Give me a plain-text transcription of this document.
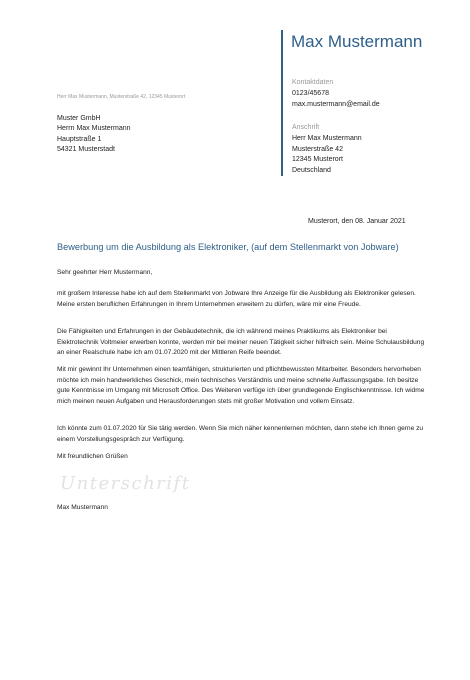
Max Mustermann
Kontaktdaten
0123/45678
max.mustermann@email.de
Anschrift
Herr Max Mustermann
Musterstraße 42
12345 Musterort
Deutschland
Herr Max Mustermann, Musterstraße 42, 12345 Musterort
Muster GmbH
Herrn Max Mustermann
Hauptstraße 1
54321 Musterstadt
Musterort, den 08. Januar 2021
Bewerbung um die Ausbildung als Elektroniker, (auf dem Stellenmarkt von Jobware)

Sehr geehrter Herr Mustermann,

mit großem Interesse habe ich auf dem Stellenmarkt von Jobware Ihre Anzeige für die Ausbildung als Elektroniker gelesen. Meine ersten beruflichen Erfahrungen in Ihrem Unternehmen erweitern zu dürfen, wäre mir eine Freude.

Die Fähigkeiten und Erfahrungen in der Gebäudetechnik, die ich während meines Praktikums als Elektroniker bei Elektrotechnik Voltmeier erwerben konnte, werden mir bei meiner neuen Tätigkeit sicher hilfreich sein. Meine Schulausbildung an einer Realschule habe ich am 01.07.2020 mit der Mittleren Reife beendet.

Mit mir gewinnt Ihr Unternehmen einen teamfähigen, strukturierten und pflichtbewussten Mitarbeiter. Besonders hervorheben möchte ich mein handwerkliches Geschick, mein technisches Verständnis und meine schnelle Auffassungsgabe. Ich besitze gute Kenntnisse im Umgang mit Microsoft Office. Des Weiteren verfüge ich über grundlegende Englischkenntnisse. Ich widme mich meinen neuen Aufgaben und Herausforderungen stets mit großer Motivation und vollem Einsatz.

Ich könnte zum 01.07.2020 für Sie tätig werden. Wenn Sie mich näher kennenlernen möchten, dann stehe ich Ihnen gerne zu einem Vorstellungsgespräch zur Verfügung.

Mit freundlichen Grüßen

Unterschrift
Max Mustermann
